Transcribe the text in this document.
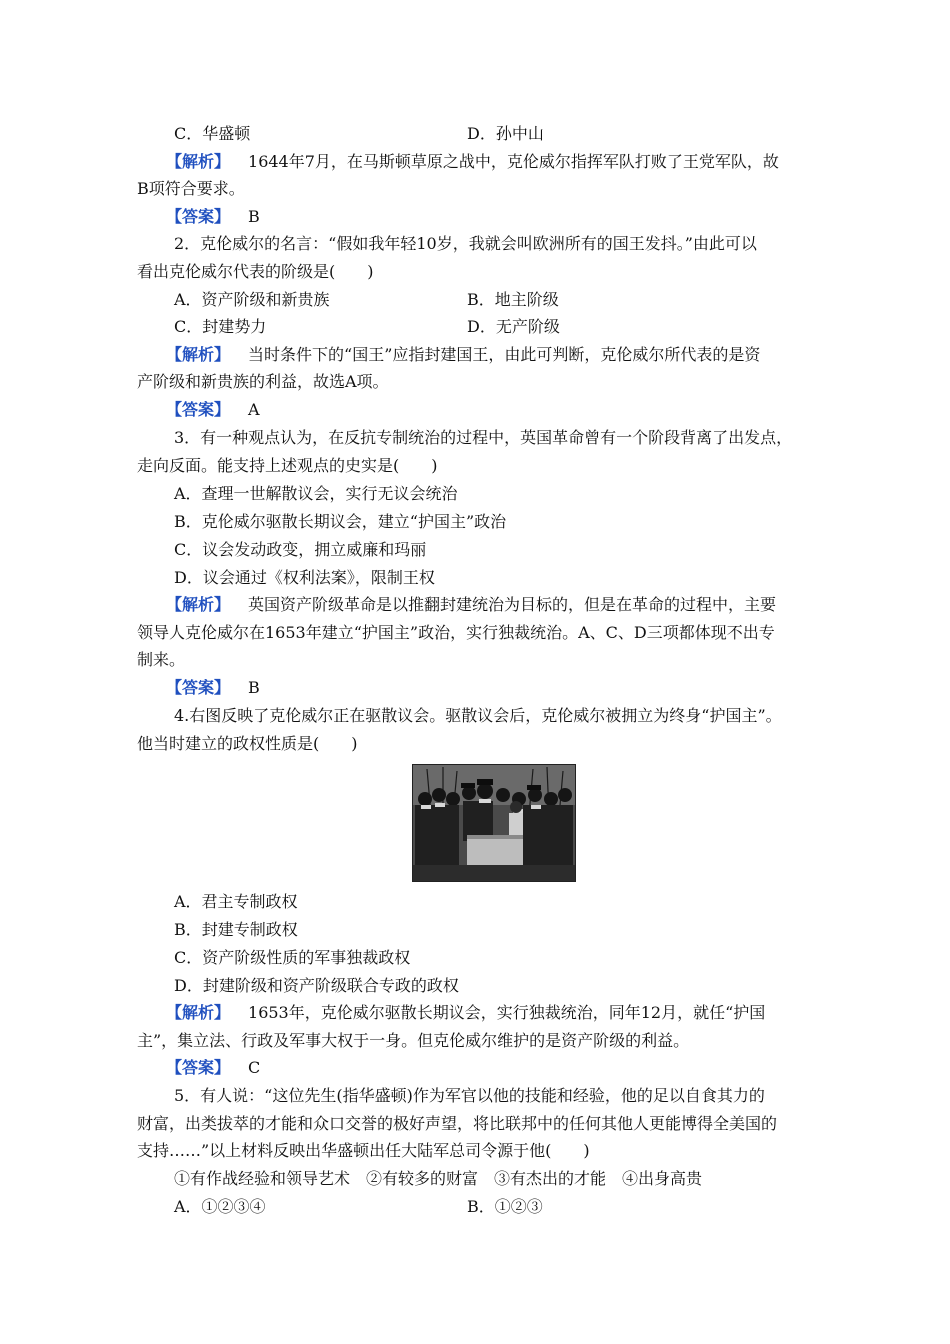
C．华盛顿	D．孙中山
【解析】 1644年7月，在马斯顿草原之战中，克伦威尔指挥军队打败了王党军队，故
B项符合要求。
【答案】 B
2．克伦威尔的名言：“假如我年轻10岁，我就会叫欧洲所有的国王发抖。”由此可以
看出克伦威尔代表的阶级是(　　)
A．资产阶级和新贵族	B．地主阶级
C．封建势力	D．无产阶级
【解析】 当时条件下的“国王”应指封建国王，由此可判断，克伦威尔所代表的是资
产阶级和新贵族的利益，故选A项。
【答案】 A
3．有一种观点认为，在反抗专制统治的过程中，英国革命曾有一个阶段背离了出发点，
走向反面。能支持上述观点的史实是(　　)
A．查理一世解散议会，实行无议会统治
B．克伦威尔驱散长期议会，建立“护国主”政治
C．议会发动政变，拥立威廉和玛丽
D．议会通过《权利法案》，限制王权
【解析】 英国资产阶级革命是以推翻封建统治为目标的，但是在革命的过程中，主要
领导人克伦威尔在1653年建立“护国主”政治，实行独裁统治。A、C、D三项都体现不出专
制来。
【答案】 B
4.右图反映了克伦威尔正在驱散议会。驱散议会后，克伦威尔被拥立为终身“护国主”。
他当时建立的政权性质是(　　)
A．君主专制政权
B．封建专制政权
C．资产阶级性质的军事独裁政权
D．封建阶级和资产阶级联合专政的政权
【解析】 1653年，克伦威尔驱散长期议会，实行独裁统治，同年12月，就任“护国
主”，集立法、行政及军事大权于一身。但克伦威尔维护的是资产阶级的利益。
【答案】 C
5．有人说：“这位先生(指华盛顿)作为军官以他的技能和经验，他的足以自食其力的
财富，出类拔萃的才能和众口交誉的极好声望，将比联邦中的任何其他人更能博得全美国的
支持……”以上材料反映出华盛顿出任大陆军总司令源于他(　　)
①有作战经验和领导艺术　②有较多的财富　③有杰出的才能　④出身高贵
A．①②③④	B．①②③
